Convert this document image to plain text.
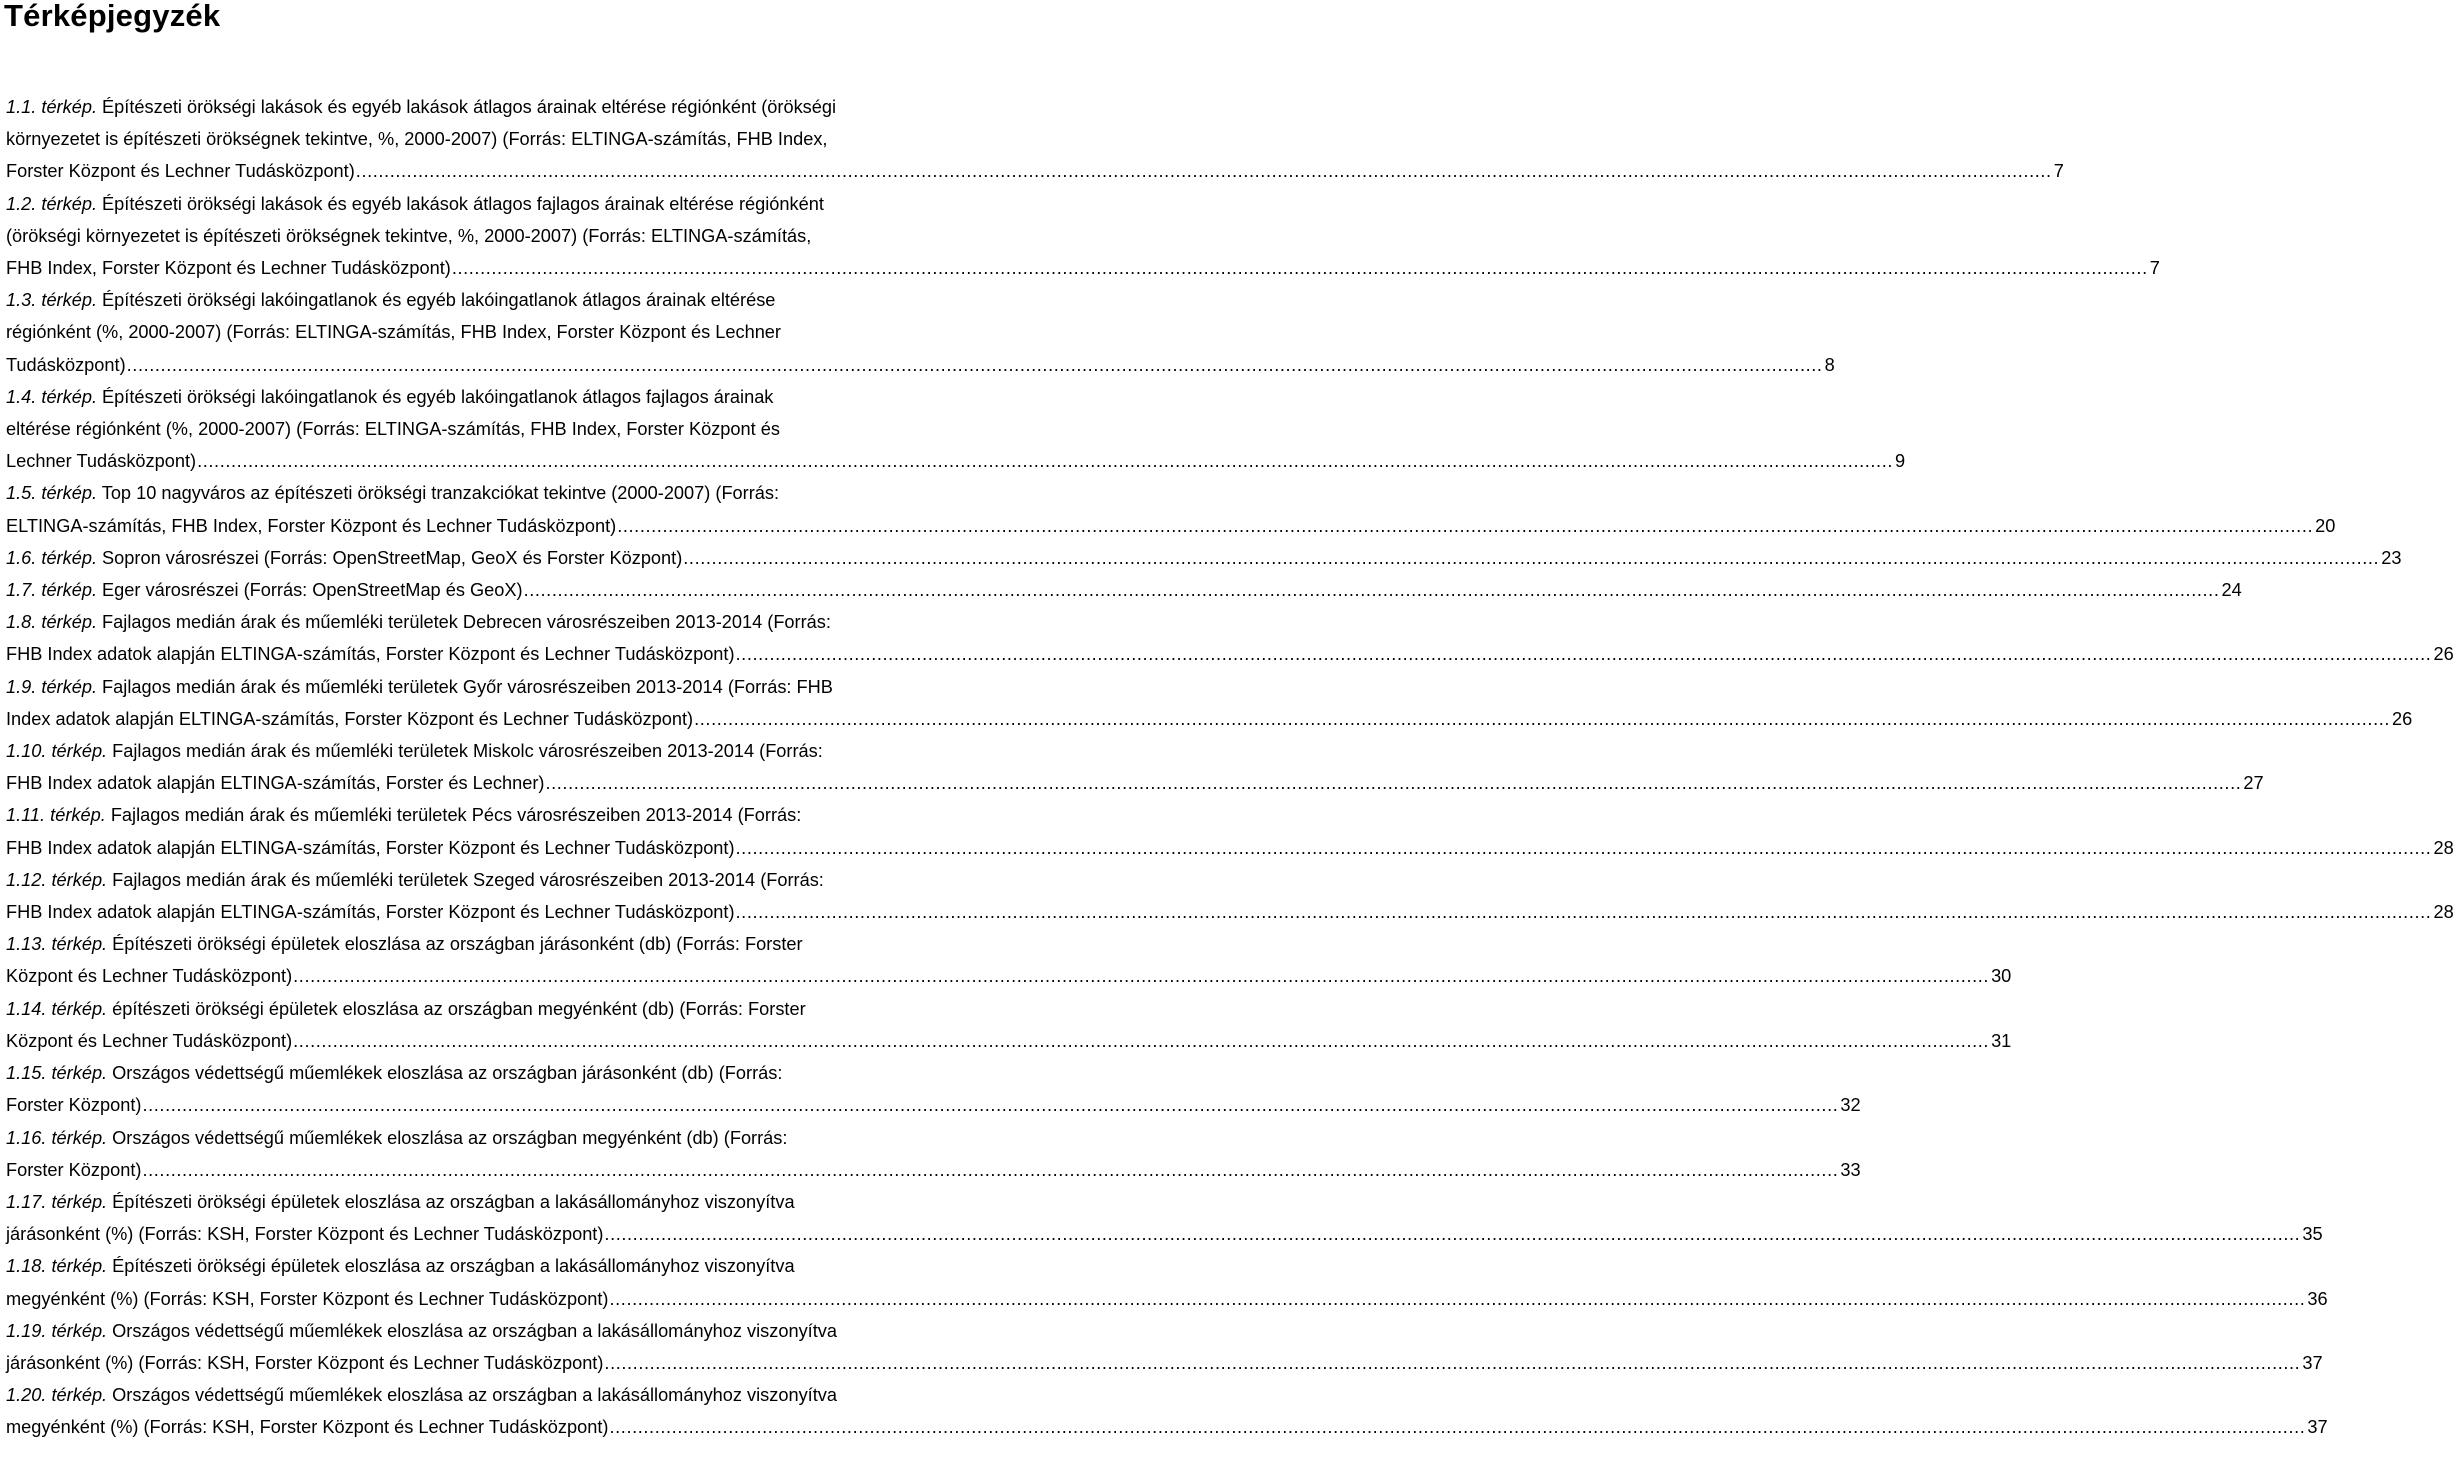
Térképjegyzék
1.1. térkép. Építészeti örökségi lakások és egyéb lakások átlagos árainak eltérése régiónként (örökségi
környezetet is építészeti örökségnek tekintve, %, 2000-2007) (Forrás: ELTINGA-számítás, FHB Index,
Forster Központ és Lechner Tudásközpont) .....	7
1.2. térkép. Építészeti örökségi lakások és egyéb lakások átlagos fajlagos árainak eltérése régiónként
(örökségi környezetet is építészeti örökségnek tekintve, %, 2000-2007) (Forrás: ELTINGA-számítás,
FHB Index, Forster Központ és Lechner Tudásközpont) .....	7
1.3. térkép. Építészeti örökségi lakóingatlanok és egyéb lakóingatlanok átlagos árainak eltérése
régiónként (%, 2000-2007) (Forrás: ELTINGA-számítás, FHB Index, Forster Központ és Lechner
Tudásközpont) .....	8
1.4. térkép. Építészeti örökségi lakóingatlanok és egyéb lakóingatlanok átlagos fajlagos árainak
eltérése régiónként (%, 2000-2007) (Forrás: ELTINGA-számítás, FHB Index, Forster Központ és
Lechner Tudásközpont) .....	9
1.5. térkép. Top 10 nagyváros az építészeti örökségi tranzakciókat tekintve (2000-2007) (Forrás:
ELTINGA-számítás, FHB Index, Forster Központ és Lechner Tudásközpont) .....	20
1.6. térkép. Sopron városrészei (Forrás: OpenStreetMap, GeoX és Forster Központ) .....	23
1.7. térkép. Eger városrészei (Forrás: OpenStreetMap és GeoX) .....	24
1.8. térkép. Fajlagos medián árak és műemléki területek Debrecen városrészeiben 2013-2014 (Forrás:
FHB Index adatok alapján ELTINGA-számítás, Forster Központ és Lechner Tudásközpont) .....	26
1.9. térkép. Fajlagos medián árak és műemléki területek Győr városrészeiben 2013-2014 (Forrás: FHB
Index adatok alapján ELTINGA-számítás, Forster Központ és Lechner Tudásközpont) .....	26
1.10. térkép. Fajlagos medián árak és műemléki területek Miskolc városrészeiben 2013-2014 (Forrás:
FHB Index adatok alapján ELTINGA-számítás, Forster és Lechner) .....	27
1.11. térkép. Fajlagos medián árak és műemléki területek Pécs városrészeiben 2013-2014 (Forrás:
FHB Index adatok alapján ELTINGA-számítás, Forster Központ és Lechner Tudásközpont) .....	28
1.12. térkép. Fajlagos medián árak és műemléki területek Szeged városrészeiben 2013-2014 (Forrás:
FHB Index adatok alapján ELTINGA-számítás, Forster Központ és Lechner Tudásközpont) .....	28
1.13. térkép. Építészeti örökségi épületek eloszlása az országban járásonként (db) (Forrás: Forster
Központ és Lechner Tudásközpont) .....	30
1.14. térkép. építészeti örökségi épületek eloszlása az országban megyénként (db) (Forrás: Forster
Központ és Lechner Tudásközpont) .....	31
1.15. térkép. Országos védettségű műemlékek eloszlása az országban járásonként (db) (Forrás:
Forster Központ) .....	32
1.16. térkép. Országos védettségű műemlékek eloszlása az országban megyénként (db) (Forrás:
Forster Központ) .....	33
1.17. térkép. Építészeti örökségi épületek eloszlása az országban a lakásállományhoz viszonyítva
járásonként (%) (Forrás: KSH, Forster Központ és Lechner Tudásközpont) .....	35
1.18. térkép. Építészeti örökségi épületek eloszlása az országban a lakásállományhoz viszonyítva
megyénként (%) (Forrás: KSH, Forster Központ és Lechner Tudásközpont) .....	36
1.19. térkép. Országos védettségű műemlékek eloszlása az országban a lakásállományhoz viszonyítva
járásonként (%) (Forrás: KSH, Forster Központ és Lechner Tudásközpont) .....	37
1.20. térkép. Országos védettségű műemlékek eloszlása az országban a lakásállományhoz viszonyítva
megyénként (%) (Forrás: KSH, Forster Központ és Lechner Tudásközpont) .....	37
